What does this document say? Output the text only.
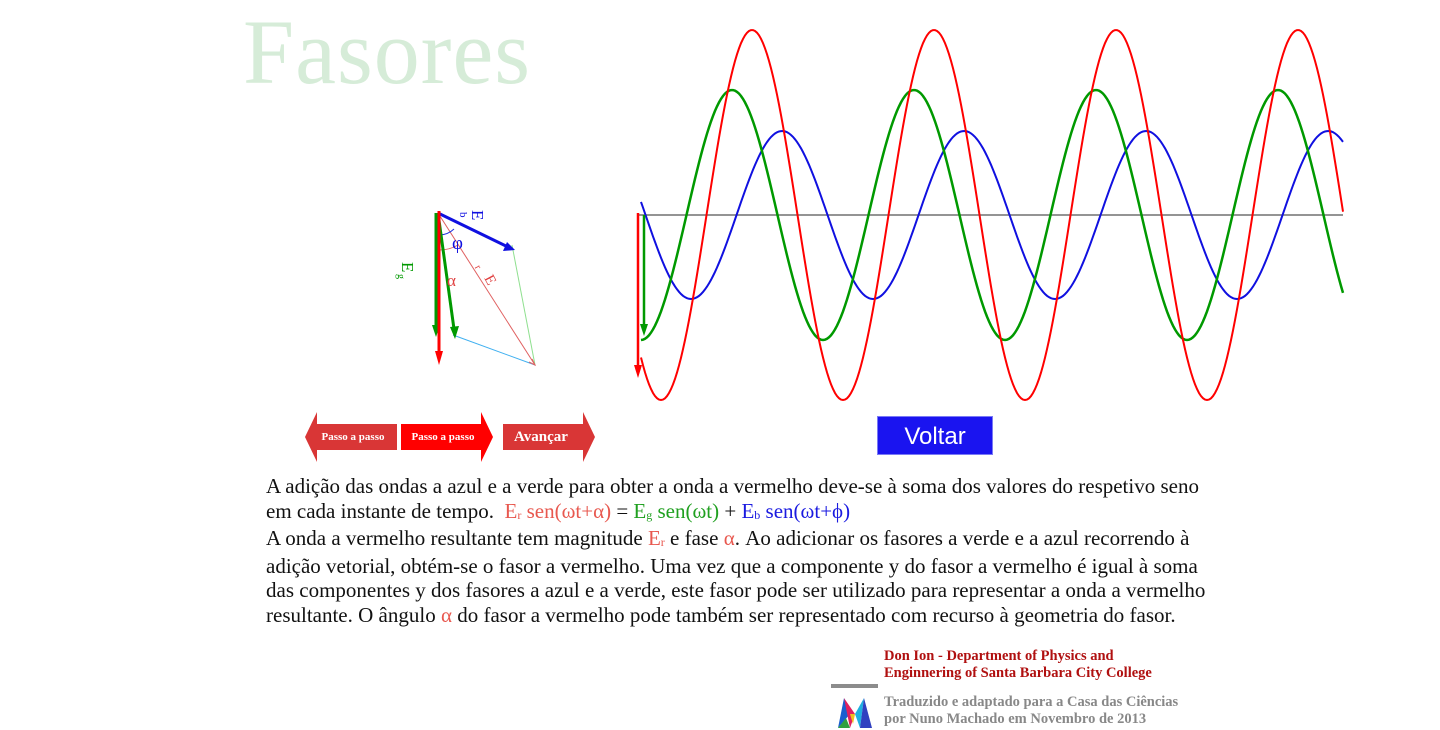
Fasores
E
b
φ
E
g	E
r
α
Passo a passo	Passo a passo	Avançar	Voltar
A adição das ondas a azul e a verde para obter a onda a vermelho deve-se à soma dos valores do respetivo seno em cada instante de tempo. $E_r$ $sen(\omega t+\alpha) = E_g$ $sen(\omega t) + E_b$ sen(ωt+ϕ)
A onda a vermelho resultante tem magnitude $E_r$ e fase α. Ao adicionar os fasores a verde e a azul recorrendo à adição vetorial, obtém-se o fasor a vermelho. Uma vez que a componente y do fasor a vermelho é igual à soma das componentes y dos fasores a azul e a verde, este fasor pode ser utilizado para representar a onda a vermelho resultante. O ângulo α do fasor a vermelho pode também ser representado com recurso à geometria do fasor.
Don Ion - Department of Physics and
Enginnering of Santa Barbara City College
Traduzido e adaptado para a Casa das Ciências
por Nuno Machado em Novembro de 2013
